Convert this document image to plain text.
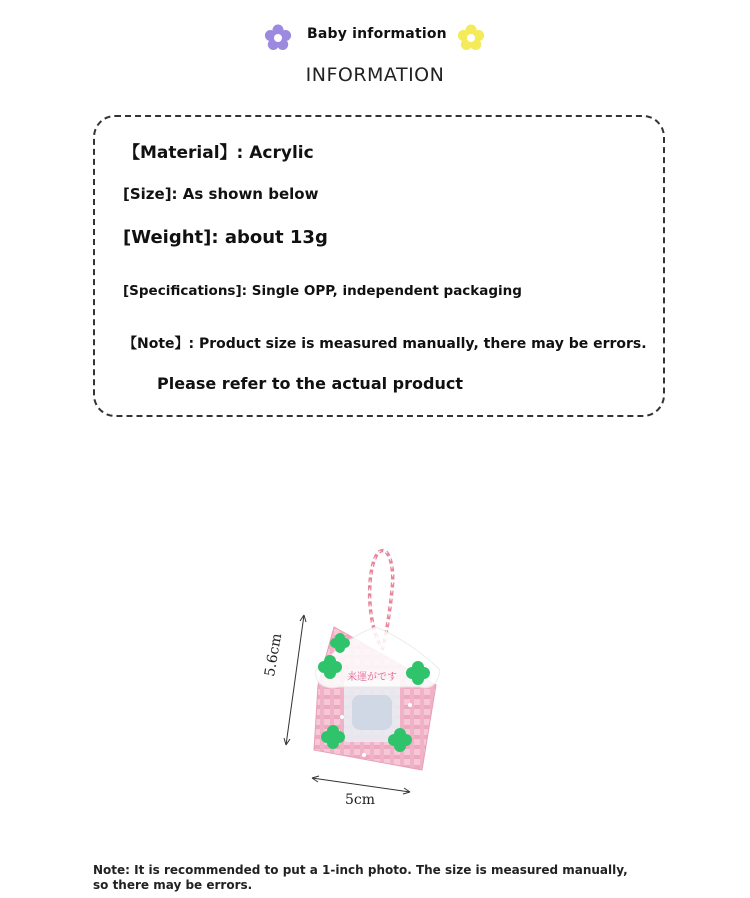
Baby information
INFORMATION
【Material】: Acrylic
[Size]: As shown below
[Weight]: about 13g
[Specifications]: Single OPP, independent packaging
【Note】: Product size is measured manually, there may be errors.
Please refer to the actual product
来運がです
5.6cm
5cm
Note: It is recommended to put a 1-inch photo. The size is measured manually, so there may be errors.
